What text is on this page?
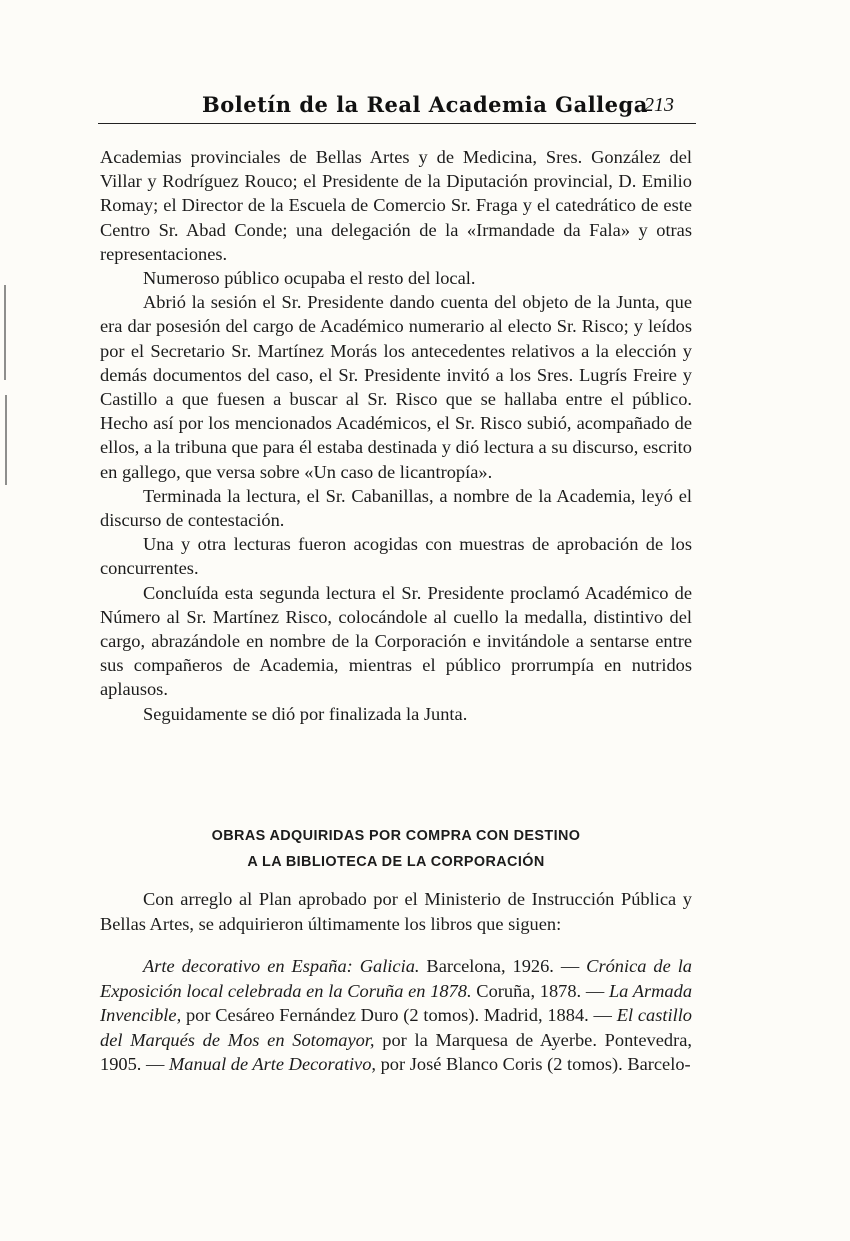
Boletín de la Real Academia Gallega
213

Academias provinciales de Bellas Artes y de Medicina, Sres. González del Villar y Rodríguez Rouco; el Presidente de la Diputación provincial, D. Emilio Romay; el Director de la Escuela de Comercio Sr. Fraga y el catedrático de este Centro Sr. Abad Conde; una delegación de la «Irmandade da Fala» y otras representaciones.

Numeroso público ocupaba el resto del local.

Abrió la sesión el Sr. Presidente dando cuenta del objeto de la Junta, que era dar posesión del cargo de Académico numerario al electo Sr. Risco; y leídos por el Secretario Sr. Martínez Morás los antecedentes relativos a la elección y demás documentos del caso, el Sr. Presidente invitó a los Sres. Lugrís Freire y Castillo a que fuesen a buscar al Sr. Risco que se hallaba entre el público. Hecho así por los mencionados Académicos, el Sr. Risco subió, acompañado de ellos, a la tribuna que para él estaba destinada y dió lectura a su discurso, escrito en gallego, que versa sobre «Un caso de licantropía».

Terminada la lectura, el Sr. Cabanillas, a nombre de la Academia, leyó el discurso de contestación.

Una y otra lecturas fueron acogidas con muestras de aprobación de los concurrentes.

Concluída esta segunda lectura el Sr. Presidente proclamó Académico de Número al Sr. Martínez Risco, colocándole al cuello la medalla, distintivo del cargo, abrazándole en nombre de la Corporación e invitándole a sentarse entre sus compañeros de Academia, mientras el público prorrumpía en nutridos aplausos.

Seguidamente se dió por finalizada la Junta.

OBRAS ADQUIRIDAS POR COMPRA CON DESTINO
A LA BIBLIOTECA DE LA CORPORACIÓN

Con arreglo al Plan aprobado por el Ministerio de Instrucción Pública y Bellas Artes, se adquirieron últimamente los libros que siguen:

Arte decorativo en España: Galicia. Barcelona, 1926. — Crónica de la Exposición local celebrada en la Coruña en 1878. Coruña, 1878. — La Armada Invencible, por Cesáreo Fernández Duro (2 tomos). Madrid, 1884. — El castillo del Marqués de Mos en Sotomayor, por la Marquesa de Ayerbe. Pontevedra, 1905. — Manual de Arte Decorativo, por José Blanco Coris (2 tomos). Barcelo-
